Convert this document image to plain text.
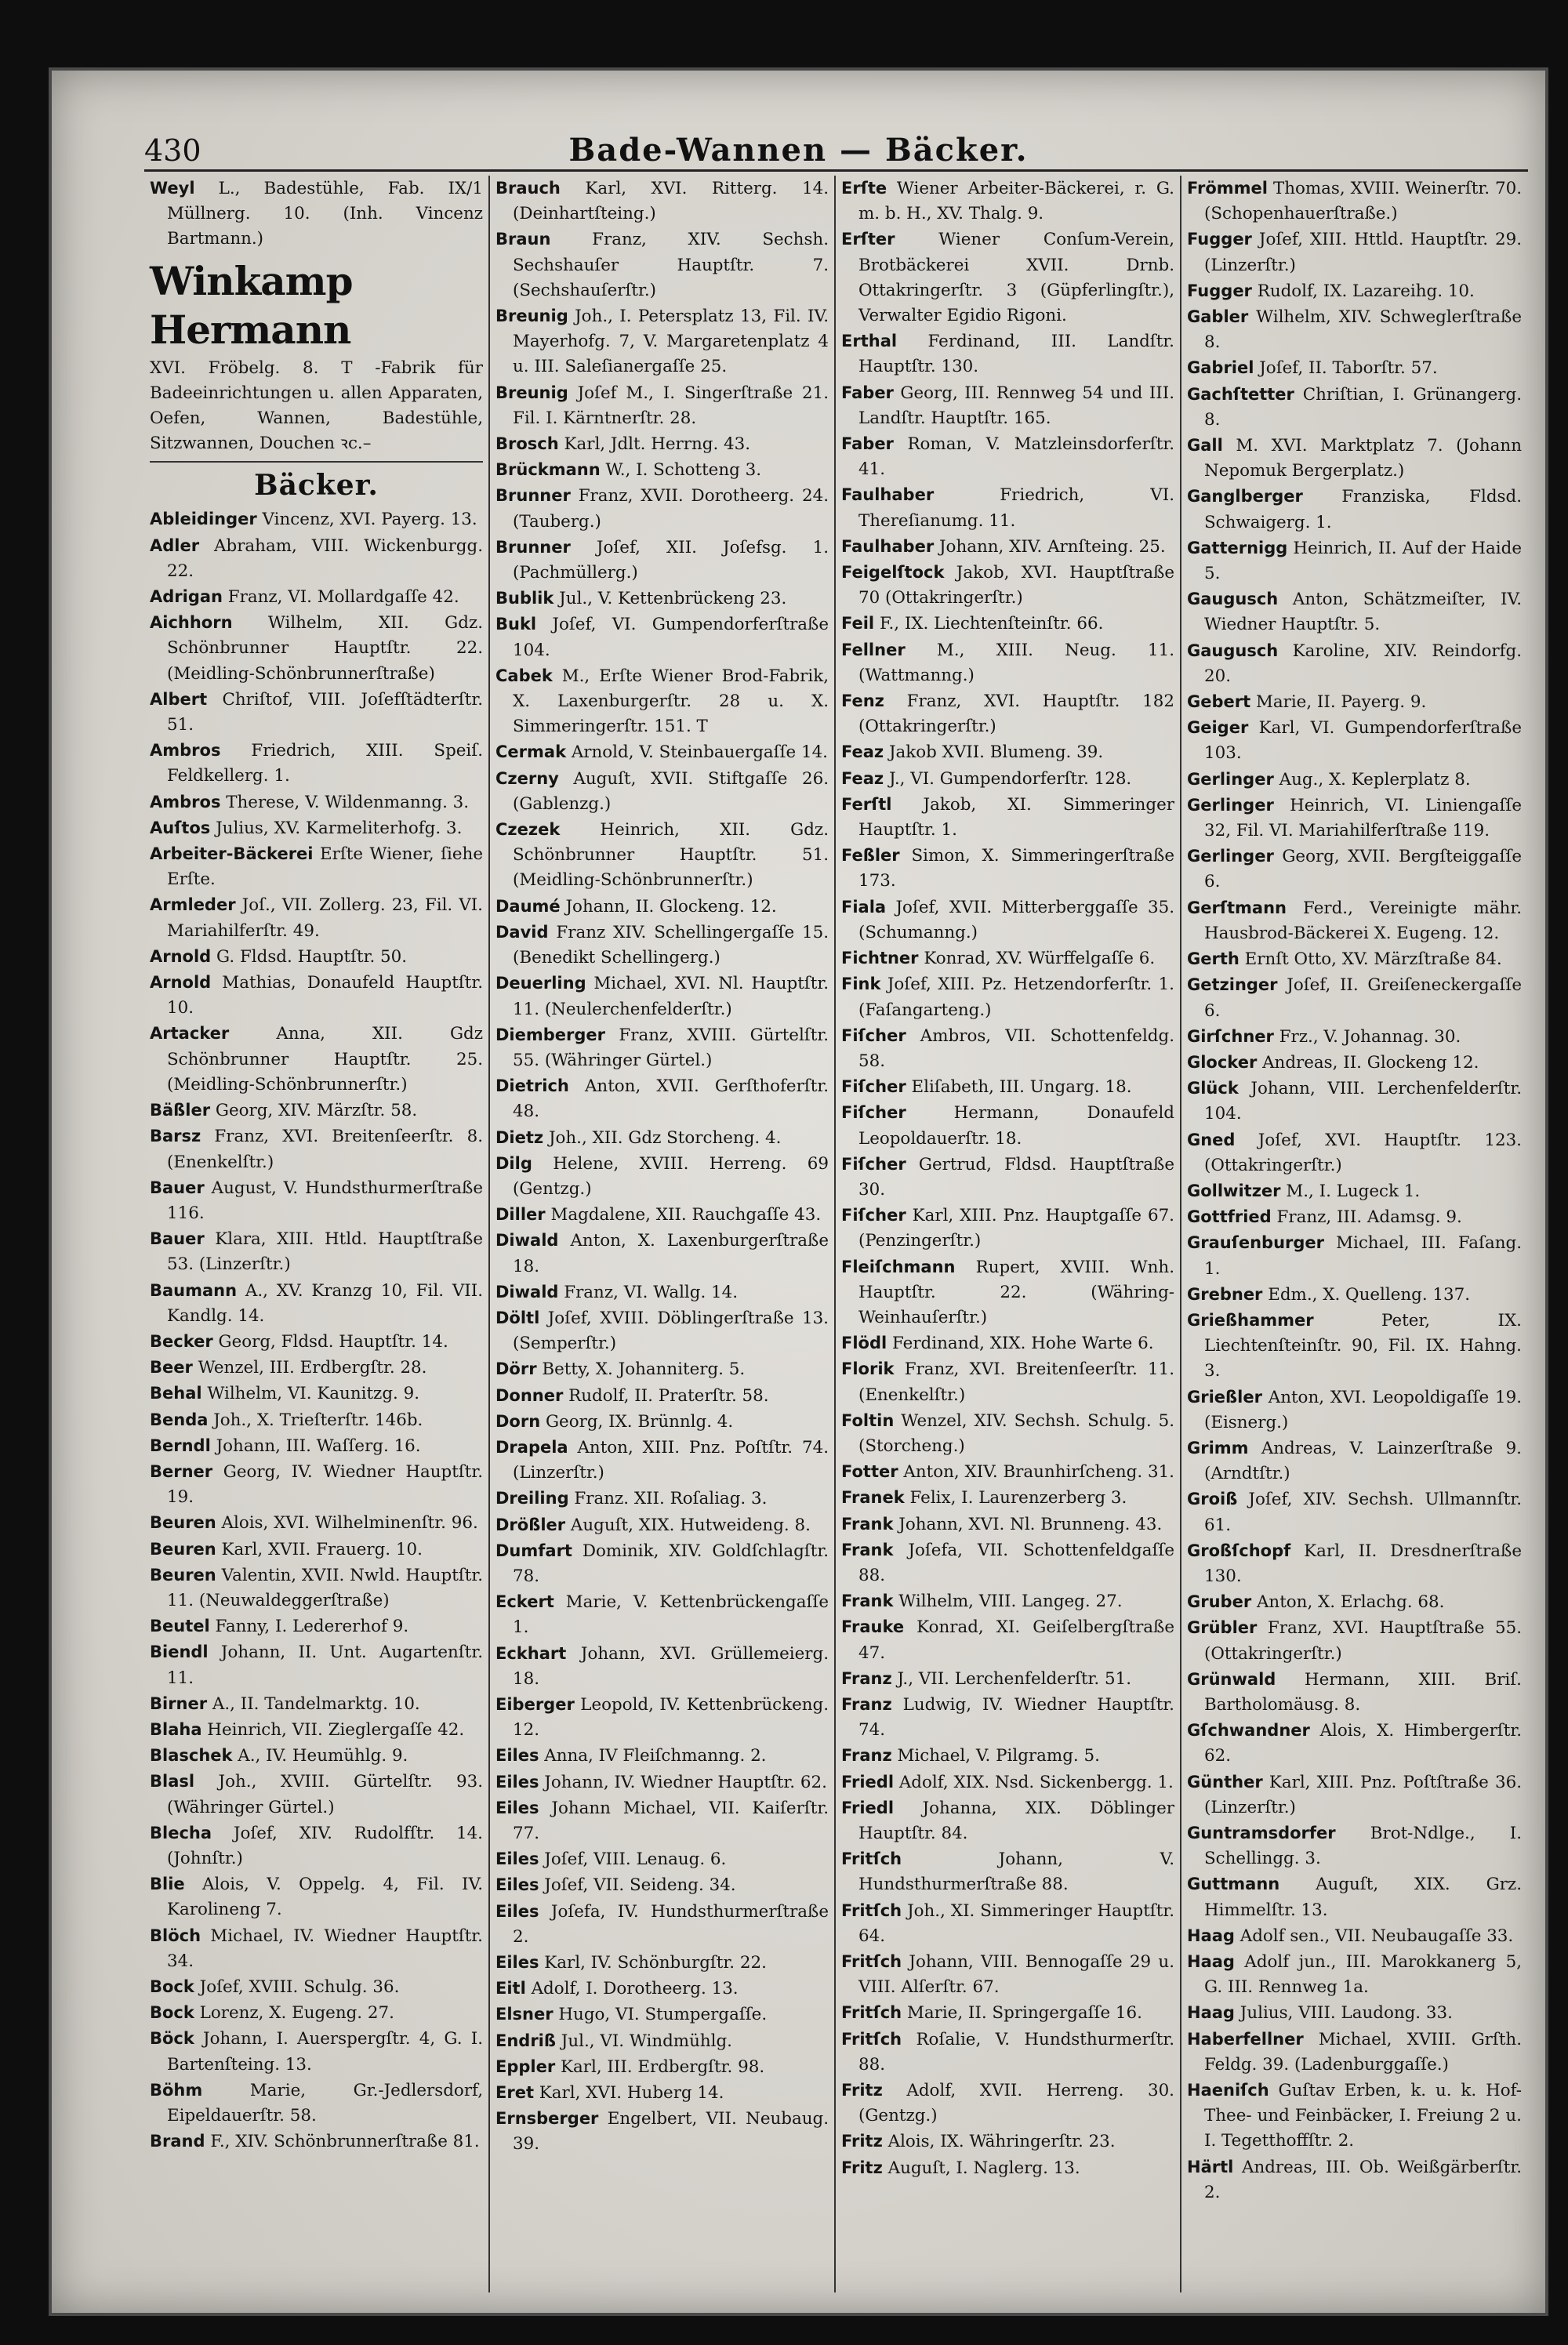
430	Bade-Wannen — Bäcker.

Weyl L., Badestühle, Fab. IX/1 Müllnerg. 10. (Inh. Vincenz Bartmann.)

Winkamp Hermann

XVI. Fröbelg. 8. T -Fabrik für Badeeinrichtungen u. allen Apparaten, Oefen, Wannen, Badestühle, Sitzwannen, Douchen ꝛc.–

Bäcker.

Ableidinger Vincenz, XVI. Payerg. 13.

Adler Abraham, VIII. Wickenburgg. 22.

Adrigan Franz, VI. Mollardgaſſe 42.

Aichhorn Wilhelm, XII. Gdz. Schönbrunner Hauptſtr. 22. (Meidling-Schönbrunnerſtraße)

Albert Chriſtof, VIII. Joſefſtädterſtr. 51.

Ambros Friedrich, XIII. Speiſ. Feldkellerg. 1.

Ambros Therese, V. Wildenmanng. 3.

Auſtos Julius, XV. Karmeliterhofg. 3.

Arbeiter-Bäckerei Erſte Wiener, ſiehe Erſte.

Armleder Joſ., VII. Zollerg. 23, Fil. VI. Mariahilferſtr. 49.

Arnold G. Fldsd. Hauptſtr. 50.

Arnold Mathias, Donaufeld Hauptſtr. 10.

Artacker Anna, XII. Gdz Schönbrunner Hauptſtr. 25. (Meidling-Schönbrunnerſtr.)

Bäßler Georg, XIV. Märzſtr. 58.

Barsz Franz, XVI. Breitenſeerſtr. 8. (Enenkelſtr.)

Bauer August, V. Hundsthurmerſtraße 116.

Bauer Klara, XIII. Htld. Hauptſtraße 53. (Linzerſtr.)

Baumann A., XV. Kranzg 10, Fil. VII. Kandlg. 14.

Becker Georg, Fldsd. Hauptſtr. 14.

Beer Wenzel, III. Erdbergſtr. 28.

Behal Wilhelm, VI. Kaunitzg. 9.

Benda Joh., X. Trieſterſtr. 146b.

Berndl Johann, III. Waſſerg. 16.

Berner Georg, IV. Wiedner Hauptſtr. 19.

Beuren Alois, XVI. Wilhelminenſtr. 96.

Beuren Karl, XVII. Frauerg. 10.

Beuren Valentin, XVII. Nwld. Hauptſtr. 11. (Neuwaldeggerſtraße)

Beutel Fanny, I. Ledererhof 9.

Biendl Johann, II. Unt. Augartenſtr. 11.

Birner A., II. Tandelmarktg. 10.

Blaha Heinrich, VII. Zieglergaſſe 42.

Blaschek A., IV. Heumühlg. 9.

Blasl Joh., XVIII. Gürtelſtr. 93. (Währinger Gürtel.)

Blecha Joſef, XIV. Rudolfſtr. 14. (Johnſtr.)

Blie Alois, V. Oppelg. 4, Fil. IV. Karolineng 7.

Blöch Michael, IV. Wiedner Hauptſtr. 34.

Bock Joſef, XVIII. Schulg. 36.

Bock Lorenz, X. Eugeng. 27.

Böck Johann, I. Auerspergſtr. 4, G. I. Bartenſteing. 13.

Böhm Marie, Gr.-Jedlersdorf, Eipeldauerſtr. 58.

Brand F., XIV. Schönbrunnerſtraße 81.

Brauch Karl, XVI. Ritterg. 14. (Deinhartſteing.)

Braun Franz, XIV. Sechsh. Sechshauſer Hauptſtr. 7. (Sechshauſerſtr.)

Breunig Joh., I. Petersplatz 13, Fil. IV. Mayerhofg. 7, V. Margaretenplatz 4 u. III. Saleſianergaſſe 25.

Breunig Joſef M., I. Singerſtraße 21. Fil. I. Kärntnerſtr. 28.

Brosch Karl, Jdlt. Herrng. 43.

Brückmann W., I. Schotteng 3.

Brunner Franz, XVII. Dorotheerg. 24. (Tauberg.)

Brunner Joſef, XII. Joſefsg. 1. (Pachmüllerg.)

Bublik Jul., V. Kettenbrückeng 23.

Bukl Joſef, VI. Gumpendorferſtraße 104.

Cabek M., Erſte Wiener Brod-Fabrik, X. Laxenburgerſtr. 28 u. X. Simmeringerſtr. 151. T

Cermak Arnold, V. Steinbauergaſſe 14.

Czerny Auguſt, XVII. Stiftgaſſe 26. (Gablenzg.)

Czezek Heinrich, XII. Gdz. Schönbrunner Hauptſtr. 51. (Meidling-Schönbrunnerſtr.)

Daumé Johann, II. Glockeng. 12.

David Franz XIV. Schellingergaſſe 15. (Benedikt Schellingerg.)

Deuerling Michael, XVI. Nl. Hauptſtr. 11. (Neulerchenfelderſtr.)

Diemberger Franz, XVIII. Gürtelſtr. 55. (Währinger Gürtel.)

Dietrich Anton, XVII. Gerſthoferſtr. 48.

Dietz Joh., XII. Gdz Storcheng. 4.

Dilg Helene, XVIII. Herreng. 69 (Gentzg.)

Diller Magdalene, XII. Rauchgaſſe 43.

Diwald Anton, X. Laxenburgerſtraße 18.

Diwald Franz, VI. Wallg. 14.

Döltl Joſef, XVIII. Döblingerſtraße 13. (Semperſtr.)

Dörr Betty, X. Johanniterg. 5.

Donner Rudolf, II. Praterſtr. 58.

Dorn Georg, IX. Brünnlg. 4.

Drapela Anton, XIII. Pnz. Poſtſtr. 74. (Linzerſtr.)

Dreiling Franz. XII. Roſaliag. 3.

Drößler Auguſt, XIX. Hutweideng. 8.

Dumfart Dominik, XIV. Goldſchlagſtr. 78.

Eckert Marie, V. Kettenbrückengaſſe 1.

Eckhart Johann, XVI. Grüllemeierg. 18.

Eiberger Leopold, IV. Kettenbrückeng. 12.

Eiles Anna, IV Fleiſchmanng. 2.

Eiles Johann, IV. Wiedner Hauptſtr. 62.

Eiles Johann Michael, VII. Kaiſerſtr. 77.

Eiles Joſef, VIII. Lenaug. 6.

Eiles Joſef, VII. Seideng. 34.

Eiles Joſefa, IV. Hundsthurmerſtraße 2.

Eiles Karl, IV. Schönburgſtr. 22.

Eitl Adolf, I. Dorotheerg. 13.

Elsner Hugo, VI. Stumpergaſſe.

Endriß Jul., VI. Windmühlg.

Eppler Karl, III. Erdbergſtr. 98.

Eret Karl, XVI. Huberg 14.

Ernsberger Engelbert, VII. Neubaug. 39.

Erſte Wiener Arbeiter-Bäckerei, r. G. m. b. H., XV. Thalg. 9.

Erſter Wiener Conſum-Verein, Brotbäckerei XVII. Drnb. Ottakringerſtr. 3 (Güpferlingſtr.), Verwalter Egidio Rigoni.

Erthal Ferdinand, III. Landſtr. Hauptſtr. 130.

Faber Georg, III. Rennweg 54 und III. Landſtr. Hauptſtr. 165.

Faber Roman, V. Matzleinsdorferſtr. 41.

Faulhaber Friedrich, VI. Thereſianumg. 11.

Faulhaber Johann, XIV. Arnſteing. 25.

Feigelſtock Jakob, XVI. Hauptſtraße 70 (Ottakringerſtr.)

Feil F., IX. Liechtenſteinſtr. 66.

Fellner M., XIII. Neug. 11. (Wattmanng.)

Fenz Franz, XVI. Hauptſtr. 182 (Ottakringerſtr.)

Feaz Jakob XVII. Blumeng. 39.

Feaz J., VI. Gumpendorferſtr. 128.

Ferſtl Jakob, XI. Simmeringer Hauptſtr. 1.

Feßler Simon, X. Simmeringerſtraße 173.

Fiala Joſef, XVII. Mitterberggaſſe 35. (Schumanng.)

Fichtner Konrad, XV. Würffelgaſſe 6.

Fink Joſef, XIII. Pz. Hetzendorferſtr. 1. (Faſangarteng.)

Fiſcher Ambros, VII. Schottenfeldg. 58.

Fiſcher Eliſabeth, III. Ungarg. 18.

Fiſcher Hermann, Donaufeld Leopoldauerſtr. 18.

Fiſcher Gertrud, Fldsd. Hauptſtraße 30.

Fiſcher Karl, XIII. Pnz. Hauptgaſſe 67. (Penzingerſtr.)

Fleiſchmann Rupert, XVIII. Wnh. Hauptſtr. 22. (Währing-Weinhauſerſtr.)

Flödl Ferdinand, XIX. Hohe Warte 6.

Florik Franz, XVI. Breitenſeerſtr. 11. (Enenkelſtr.)

Foltin Wenzel, XIV. Sechsh. Schulg. 5. (Storcheng.)

Fotter Anton, XIV. Braunhirſcheng. 31.

Franek Felix, I. Laurenzerberg 3.

Frank Johann, XVI. Nl. Brunneng. 43.

Frank Joſefa, VII. Schottenfeldgaſſe 88.

Frank Wilhelm, VIII. Langeg. 27.

Frauke Konrad, XI. Geiſelbergſtraße 47.

Franz J., VII. Lerchenfelderſtr. 51.

Franz Ludwig, IV. Wiedner Hauptſtr. 74.

Franz Michael, V. Pilgramg. 5.

Friedl Adolf, XIX. Nsd. Sickenbergg. 1.

Friedl Johanna, XIX. Döblinger Hauptſtr. 84.

Fritſch Johann, V. Hundsthurmerſtraße 88.

Fritſch Joh., XI. Simmeringer Hauptſtr. 64.

Fritſch Johann, VIII. Bennogaſſe 29 u. VIII. Alſerſtr. 67.

Fritſch Marie, II. Springergaſſe 16.

Fritſch Roſalie, V. Hundsthurmerſtr. 88.

Fritz Adolf, XVII. Herreng. 30. (Gentzg.)

Fritz Alois, IX. Währingerſtr. 23.

Fritz Auguſt, I. Naglerg. 13.

Frömmel Thomas, XVIII. Weinerſtr. 70. (Schopenhauerſtraße.)

Fugger Joſef, XIII. Httld. Hauptſtr. 29. (Linzerſtr.)

Fugger Rudolf, IX. Lazareihg. 10.

Gabler Wilhelm, XIV. Schweglerſtraße 8.

Gabriel Joſef, II. Taborſtr. 57.

Gachſtetter Chriſtian, I. Grünangerg. 8.

Gall M. XVI. Marktplatz 7. (Johann Nepomuk Bergerplatz.)

Ganglberger Franziska, Fldsd. Schwaigerg. 1.

Gatternigg Heinrich, II. Auf der Haide 5.

Gaugusch Anton, Schätzmeiſter, IV. Wiedner Hauptſtr. 5.

Gaugusch Karoline, XIV. Reindorfg. 20.

Gebert Marie, II. Payerg. 9.

Geiger Karl, VI. Gumpendorferſtraße 103.

Gerlinger Aug., X. Keplerplatz 8.

Gerlinger Heinrich, VI. Liniengaſſe 32, Fil. VI. Mariahilferſtraße 119.

Gerlinger Georg, XVII. Bergſteiggaſſe 6.

Gerſtmann Ferd., Vereinigte mähr. Hausbrod-Bäckerei X. Eugeng. 12.

Gerth Ernſt Otto, XV. Märzſtraße 84.

Getzinger Joſef, II. Greiſeneckergaſſe 6.

Girſchner Frz., V. Johannag. 30.

Glocker Andreas, II. Glockeng 12.

Glück Johann, VIII. Lerchenfelderſtr. 104.

Gned Joſef, XVI. Hauptſtr. 123. (Ottakringerſtr.)

Gollwitzer M., I. Lugeck 1.

Gottfried Franz, III. Adamsg. 9.

Grauſenburger Michael, III. Faſang. 1.

Grebner Edm., X. Quelleng. 137.

Grießhammer Peter, IX. Liechtenſteinſtr. 90, Fil. IX. Hahng. 3.

Grießler Anton, XVI. Leopoldigaſſe 19. (Eisnerg.)

Grimm Andreas, V. Lainzerſtraße 9. (Arndtſtr.)

Groiß Joſef, XIV. Sechsh. Ullmannſtr. 61.

Großſchopf Karl, II. Dresdnerſtraße 130.

Gruber Anton, X. Erlachg. 68.

Grübler Franz, XVI. Hauptſtraße 55. (Ottakringerſtr.)

Grünwald Hermann, XIII. Briſ. Bartholomäusg. 8.

Gſchwandner Alois, X. Himbergerſtr. 62.

Günther Karl, XIII. Pnz. Poſtſtraße 36. (Linzerſtr.)

Guntramsdorfer Brot-Ndlge., I. Schellingg. 3.

Guttmann Auguſt, XIX. Grz. Himmelſtr. 13.

Haag Adolf sen., VII. Neubaugaſſe 33.

Haag Adolf jun., III. Marokkanerg 5, G. III. Rennweg 1a.

Haag Julius, VIII. Laudong. 33.

Haberfellner Michael, XVIII. Grſth. Feldg. 39. (Ladenburggaſſe.)

Haeniſch Guſtav Erben, k. u. k. Hof-Thee- und Feinbäcker, I. Freiung 2 u. I. Tegetthoffſtr. 2.

Härtl Andreas, III. Ob. Weißgärberſtr. 2.
